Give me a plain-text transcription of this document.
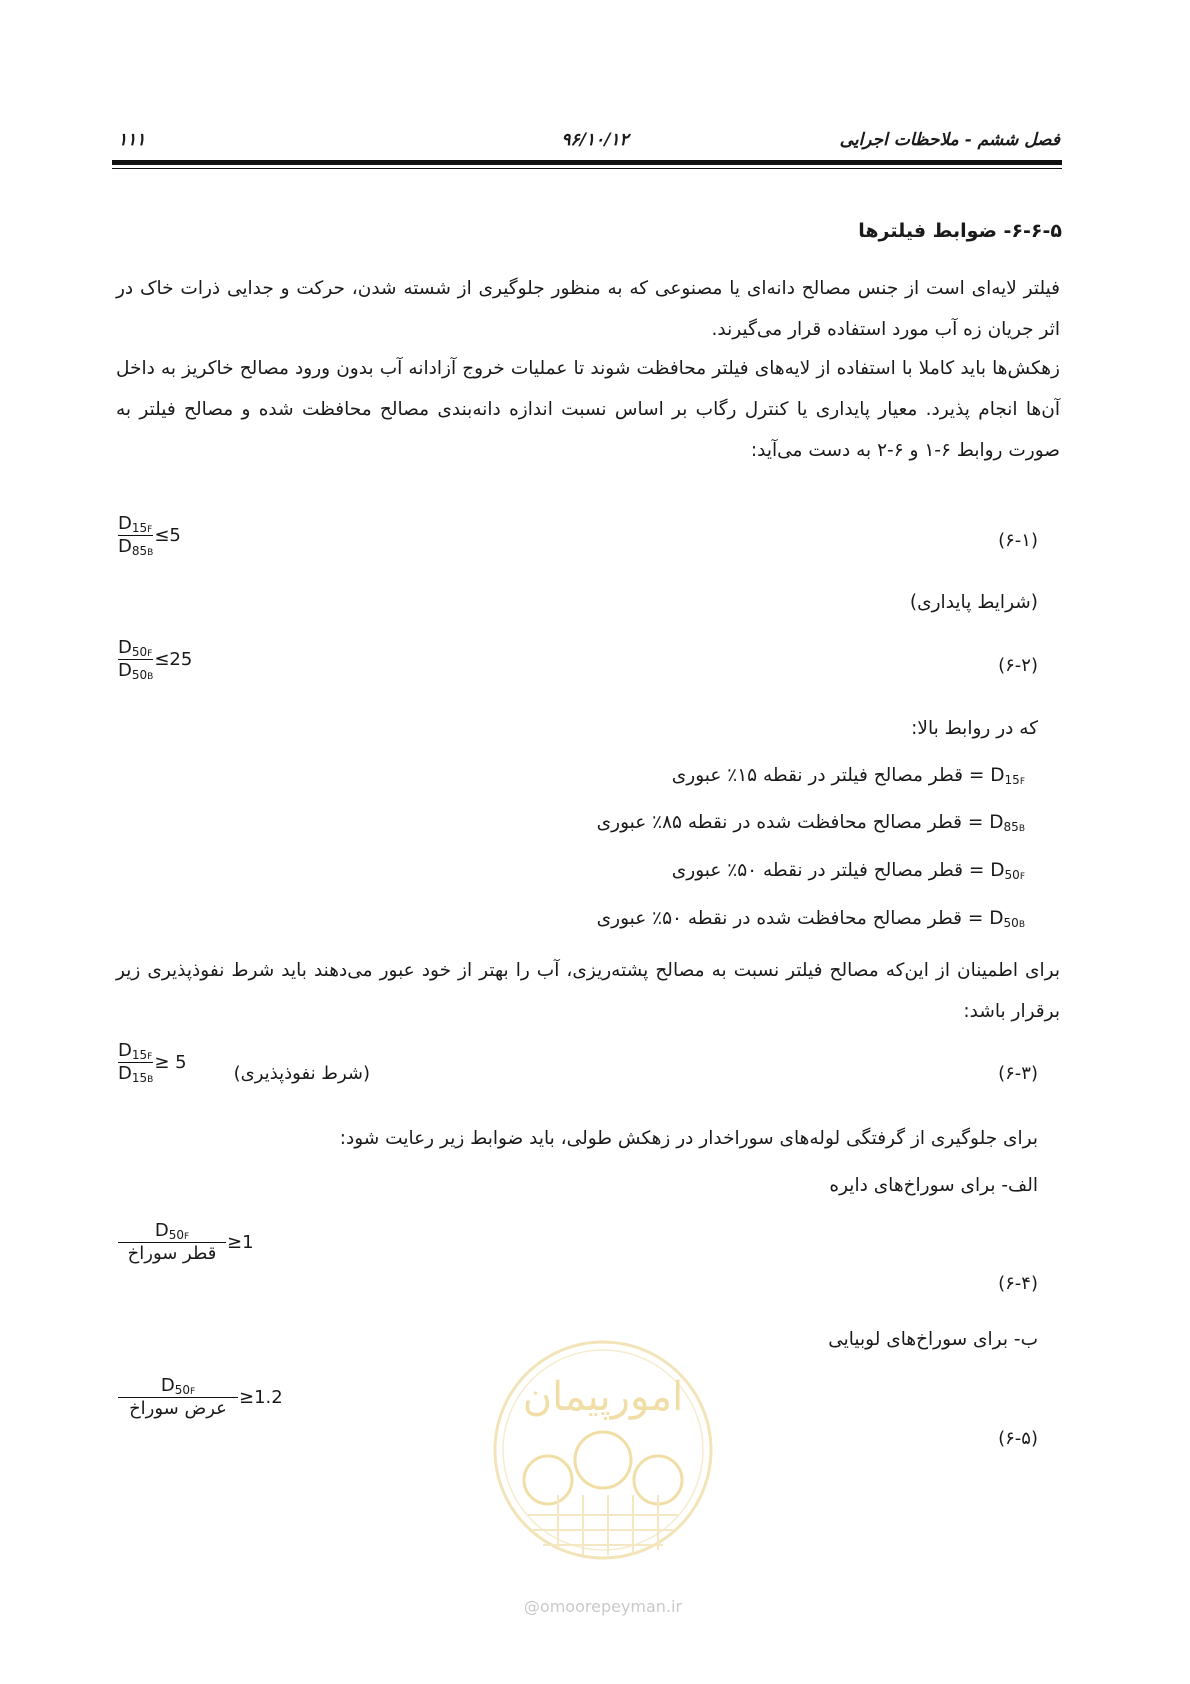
۱۱۱	۹۶/۱۰/۱۲	فصل ششم - ملاحظات اجرایی
۶-۶-۵- ضوابط فیلترها
فیلتر لایه‌ای است از جنس مصالح دانه‌ای یا مصنوعی که به منظور جلوگیری از شسته شدن، حرکت و جدایی ذرات خاک در اثر جریان زه آب مورد استفاده قرار می‌گیرند.
زهکش‌ها باید کاملا با استفاده از لایه‌های فیلتر محافظت شوند تا عملیات خروج آزادانه آب بدون ورود مصالح خاکریز به داخل آن‌ها انجام پذیرد. معیار پایداری یا کنترل رگاب بر اساس نسبت اندازه دانه‌بندی مصالح محافظت شده و مصالح فیلتر به صورت روابط ۶-۱ و ۶-۲ به دست می‌آید:
$D_{15}F$
$D_{85}B$
	≤5	(۶-۱)
(شرایط پایداری)
$D_{50}F$
$D_{50}B$
	≤25	(۶-۲)
که در روابط بالا:
$D_{15}F$ = قطر مصالح فیلتر در نقطه ۱۵٪ عبوری
$D_{85}B$ = قطر مصالح محافظت شده در نقطه ۸۵٪ عبوری
$D_{50}F$ = قطر مصالح فیلتر در نقطه ۵۰٪ عبوری
$D_{50}B$ = قطر مصالح محافظت شده در نقطه ۵۰٪ عبوری
برای اطمینان از این‌که مصالح فیلتر نسبت به مصالح پشته‌ریزی، آب را بهتر از خود عبور می‌دهند باید شرط نفوذپذیری زیر برقرار باشد:
$D_{15}F$
$D_{15}B$
	≥ 5
(شرط نفوذپذیری)	(۶-۳)
برای جلوگیری از گرفتگی لوله‌های سوراخدار در زهکش طولی، باید ضوابط زیر رعایت شود:
الف- برای سوراخ‌های دایره
$D_{50}F$
قطر سوراخ
	≥1
(۶-۴)
ب- برای سوراخ‌های لوبیایی
$D_{50}F$
عرض سوراخ
	≥1.2
(۶-۵)
امورپیمان
@omoorepeyman.ir
